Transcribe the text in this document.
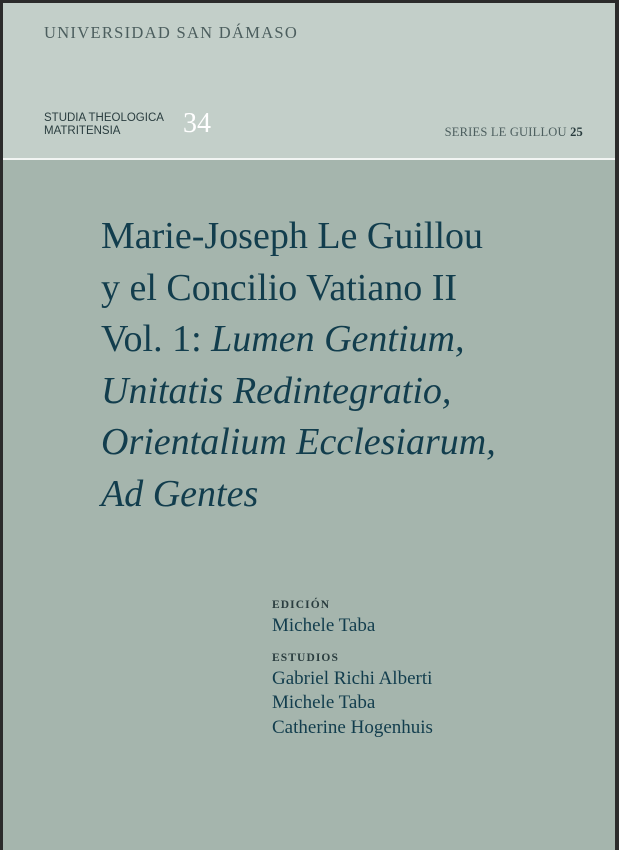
UNIVERSIDAD SAN DÁMASO
STUDIA THEOLOGICA
MATRITENSIA	34	SERIES LE GUILLOU 25
Marie-Joseph Le Guillou
y el Concilio Vatiano II
Vol. 1: Lumen Gentium,
Unitatis Redintegratio,
Orientalium Ecclesiarum,
Ad Gentes
EDICIÓN
Michele Taba
ESTUDIOS
Gabriel Richi Alberti
Michele Taba
Catherine Hogenhuis
